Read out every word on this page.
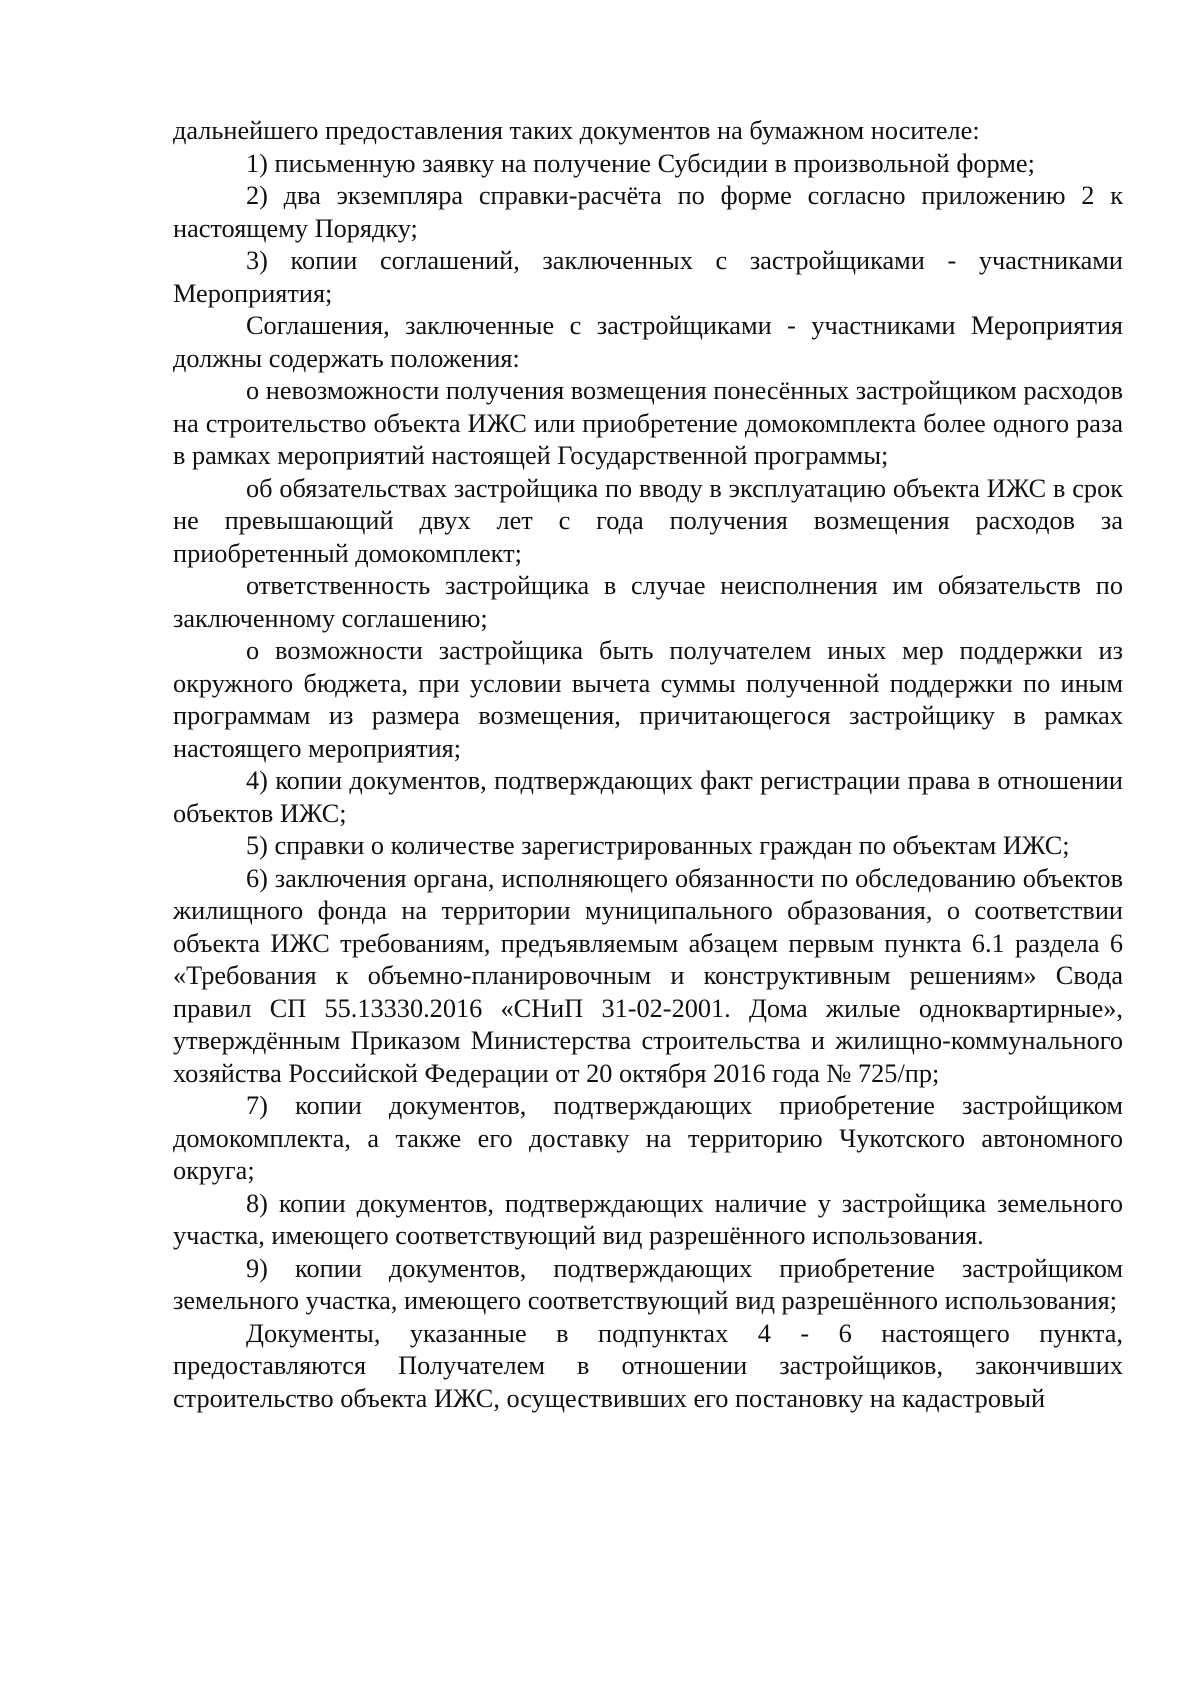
дальнейшего предоставления таких документов на бумажном носителе:

1) письменную заявку на получение Субсидии в произвольной форме;

2) два экземпляра справки-расчёта по форме согласно приложению 2 к настоящему Порядку;

3) копии соглашений, заключенных с застройщиками - участниками Мероприятия;

Соглашения, заключенные с застройщиками - участниками Мероприятия должны содержать положения:

о невозможности получения возмещения понесённых застройщиком расходов на строительство объекта ИЖС или приобретение домокомплекта более одного раза в рамках мероприятий настоящей Государственной программы;

об обязательствах застройщика по вводу в эксплуатацию объекта ИЖС в срок не превышающий двух лет с года получения возмещения расходов за приобретенный домокомплект;

ответственность застройщика в случае неисполнения им обязательств по заключенному соглашению;

о возможности застройщика быть получателем иных мер поддержки из окружного бюджета, при условии вычета суммы полученной поддержки по иным программам из размера возмещения, причитающегося застройщику в рамках настоящего мероприятия;

4) копии документов, подтверждающих факт регистрации права в отношении объектов ИЖС;

5) справки о количестве зарегистрированных граждан по объектам ИЖС;

6) заключения органа, исполняющего обязанности по обследованию объектов жилищного фонда на территории муниципального образования, о соответствии объекта ИЖС требованиям, предъявляемым абзацем первым пункта 6.1 раздела 6 «Требования к объемно-планировочным и конструктивным решениям» Свода правил СП 55.13330.2016 «СНиП 31-02-2001. Дома жилые одноквартирные», утверждённым Приказом Министерства строительства и жилищно-коммунального хозяйства Российской Федерации от 20 октября 2016 года № 725/пр;

7) копии документов, подтверждающих приобретение застройщиком домокомплекта, а также его доставку на территорию Чукотского автономного округа;

8) копии документов, подтверждающих наличие у застройщика земельного участка, имеющего соответствующий вид разрешённого использования.

9) копии документов, подтверждающих приобретение застройщиком земельного участка, имеющего соответствующий вид разрешённого использования;

Документы, указанные в подпунктах 4 - 6 настоящего пункта, предоставляются Получателем в отношении застройщиков, закончивших строительство объекта ИЖС, осуществивших его постановку на кадастровый
